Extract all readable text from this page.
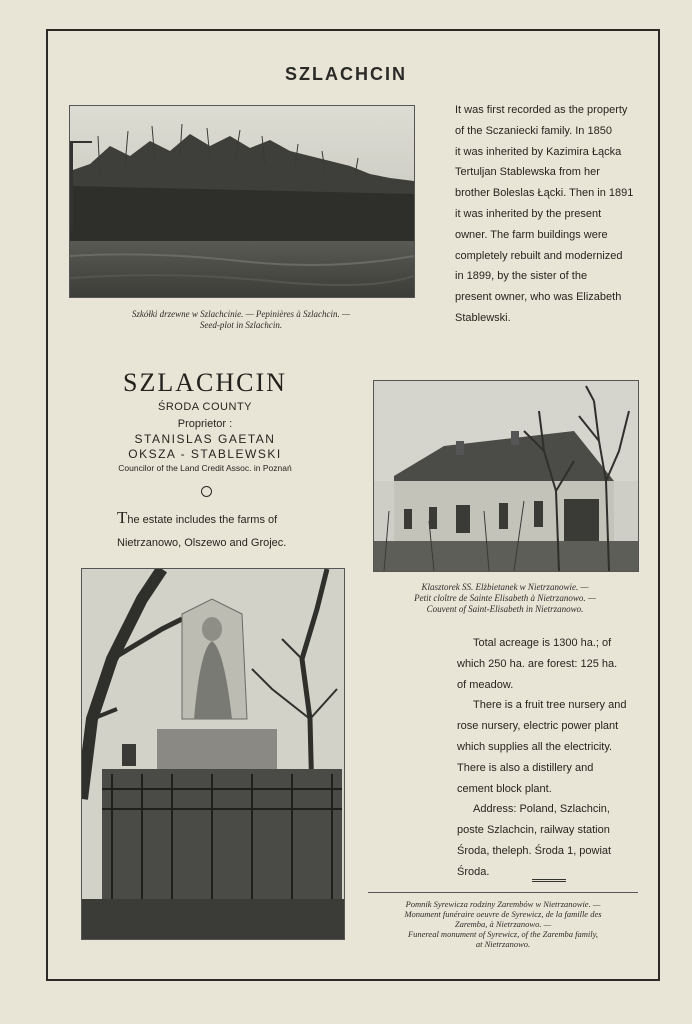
SZLACHCIN
Szkółki drzewne w Szlachcinie. — Pepinières à Szlachcin. —
Seed-plot in Szlachcin.
It was first recorded as the property
of the Sczaniecki family. In 1850
it was inherited by Kazimira Łącka
Tertuljan Stablewska from her
brother Boleslas Łącki. Then in 1891
it was inherited by the present
owner. The farm buildings were
completely rebuilt and modernized
in 1899, by the sister of the
present owner, who was Elizabeth
Stablewski.
SZLACHCIN
ŚRODA COUNTY
Proprietor :
STANISLAS GAETAN
OKSZA - STABLEWSKI
Councilor of the Land Credit Assoc. in Poznań
The estate includes the farms of
Nietrzanowo, Olszewo and Grojec.
Klasztorek SS. Elżbietanek w Nietrzanowie. —
Petit cloître de Sainte Elisabeth à Nietrzanowo. —
Couvent of Saint-Elisabeth in Nietrzanowo.
Total acreage is 1300 ha.; of
which 250 ha. are forest: 125 ha.
of meadow.
There is a fruit tree nursery and
rose nursery, electric power plant
which supplies all the electricity.
There is also a distillery and
cement block plant.
Address: Poland, Szlachcin,
poste Szlachcin, railway station
Środa, theleph. Środa 1, powiat
Środa.
Pomnik Syrewicza rodziny Zarembów w Nietrzanowie. —
Monument funéraire oeuvre de Syrewicz, de la famille des
Zaremba, à Nietrzanowo. —
Funereal monument of Syrewicz, of the Zaremba family,
at Nietrzanowo.
